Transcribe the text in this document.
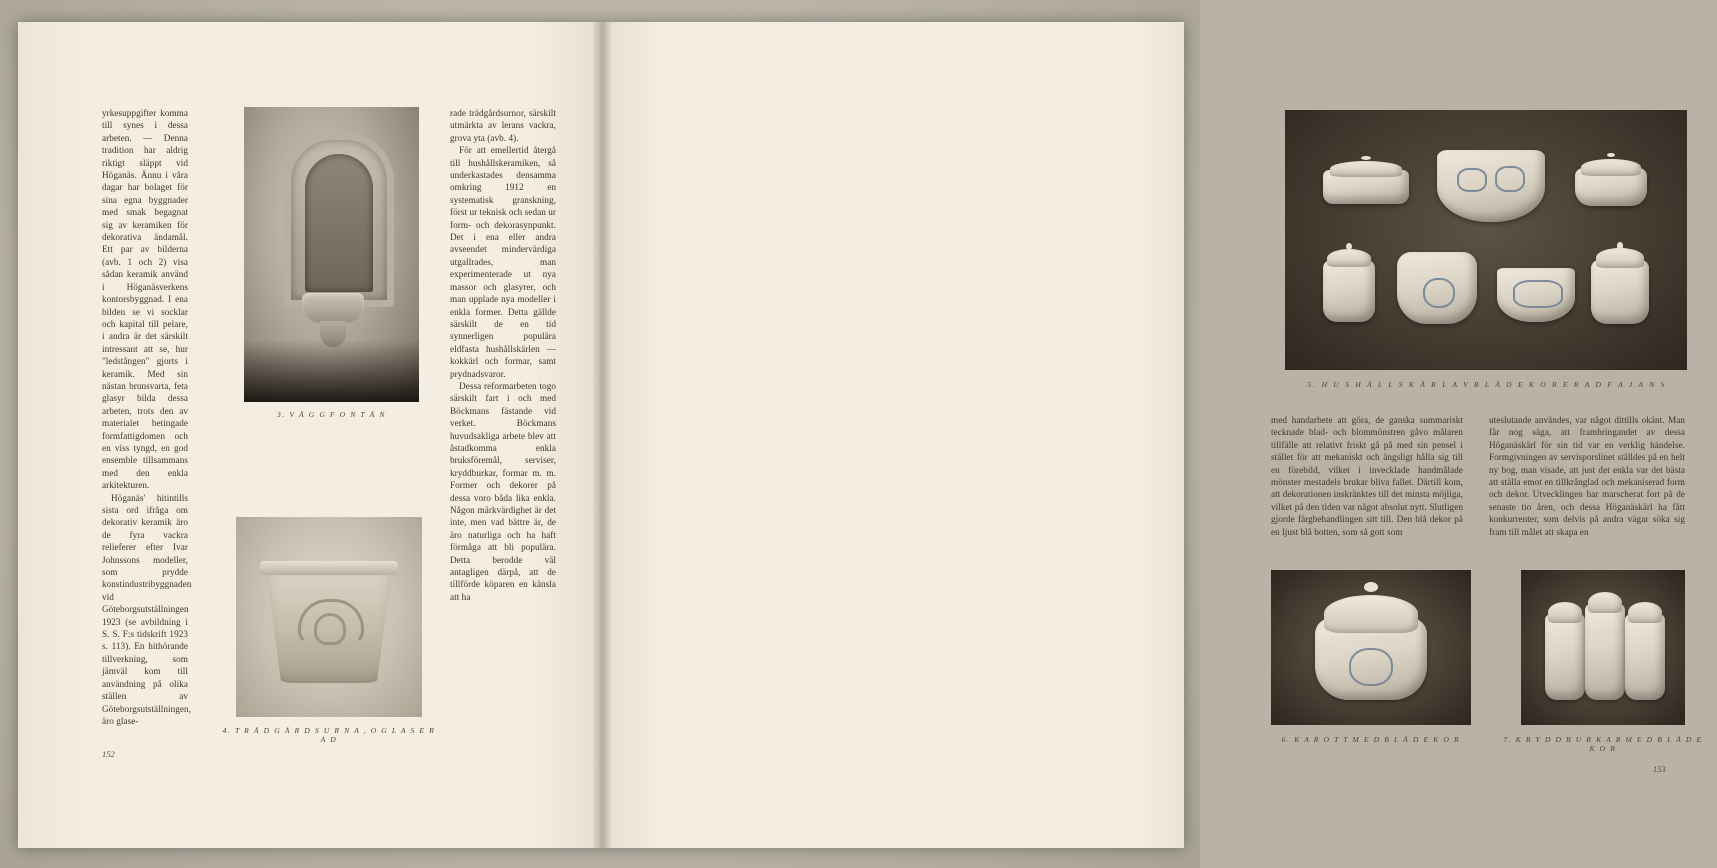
yrkesuppgifter komma till synes i dessa arbeten. — Denna tradition har aldrig riktigt släppt vid Höganäs. Ännu i våra dagar har bolaget för sina egna byggnader med smak begagnat sig av keramiken för dekorativa ändamål. Ett par av bilderna (avb. 1 och 2) visa sådan keramik använd i Höganäsverkens kontorsbyggnad. I ena bilden se vi socklar och kapital till pelare, i andra är det särskilt intressant att se, hur "ledstången" gjorts i keramik. Med sin nästan brunsvarta, feta glasyr bilda dessa arbeten, trots den av materialet betingade formfattigdomen och en viss tyngd, en god ensemble tillsammans med den enkla arkitekturen.

Höganäs' hitintills sista ord ifråga om dekorativ keramik äro de fyra vackra relieferer efter Ivar Johnssons modeller, som prydde konstindustribyggnaden vid Göteborgsutställningen 1923 (se avbildning i S. S. F:s tidskrift 1923 s. 113). En hithörande tillverkning, som jämväl kom till användning på olika ställen av Göteborgsutställningen, äro glase-

3. V Ä G G F O N T Ä N
4. T R Ä D G Å R D S U R N A , O G L A S E R A D

rade trädgårdsurnor, särskilt utmärkta av lerans vackra, grova yta (avb. 4).

För att emellertid återgå till hushållskeramiken, så underkastades densamma omkring 1912 en systematisk granskning, först ur teknisk och sedan ur form- och dekorasynpunkt. Det i ena eller andra avseendet mindervärdiga utgallrades, man experimenterade ut nya massor och glasyrer, och man upplade nya modeller i enkla former. Detta gällde särskilt de en tid synnerligen populära eldfasta hushållskärlen — kokkärl och formar, samt prydnadsvaror.

Dessa reformarbeten togo särskilt fart i och med Böckmans fästande vid verket. Böckmans huvudsakliga arbete blev att åstadkomma enkla bruksföremål, serviser, kryddburkar, formar m. m. Former och dekorer på dessa voro båda lika enkla. Någon märkvärdighet är det inte, men vad bättre är, de äro naturliga och ha haft förmåga att bli populära. Detta berodde väl antagligen därpå, att de tillförde köparen en känsla att ha

152
5. H U S H Å L L S K Ä R L A V B L Å D E K O R E R A D F A J A N S

med handarbete att göra, de ganska summariskt tecknade blad- och blommönstren gåvo målaren tillfälle att relativt friskt gå på med sin pensel i stället för att mekaniskt och ängsligt hålla sig till en förebild, vilket i invecklade handmålade mönster mestadels brukar bliva fallet. Därtill kom, att dekorationen inskränktes till det minsta möjliga, vilket på den tiden var något absolut nytt. Slutligen gjorde färgbehandlingen sitt till. Den blå dekor på en ljust blå botten, som så gott som

uteslutande användes, var något dittills okänt. Man får nog säga, att frambringandet av dessa Höganäskärl för sin tid var en verklig händelse. Formgivningen av servisporslinet ställdes på en helt ny bog, man visade, att just det enkla var det bästa att ställa emot en tillkrånglad och mekaniserad form och dekor. Utvecklingen har marscherat fort på de senaste tio åren, och dessa Höganäskärl ha fått konkurrenter, som delvis på andra vägar söka sig fram till målet att skapa en

6. K A R O T T M E D B L Å D E K O R	7. K R Y D D B U R K A R M E D B L Å D E K O R
153
